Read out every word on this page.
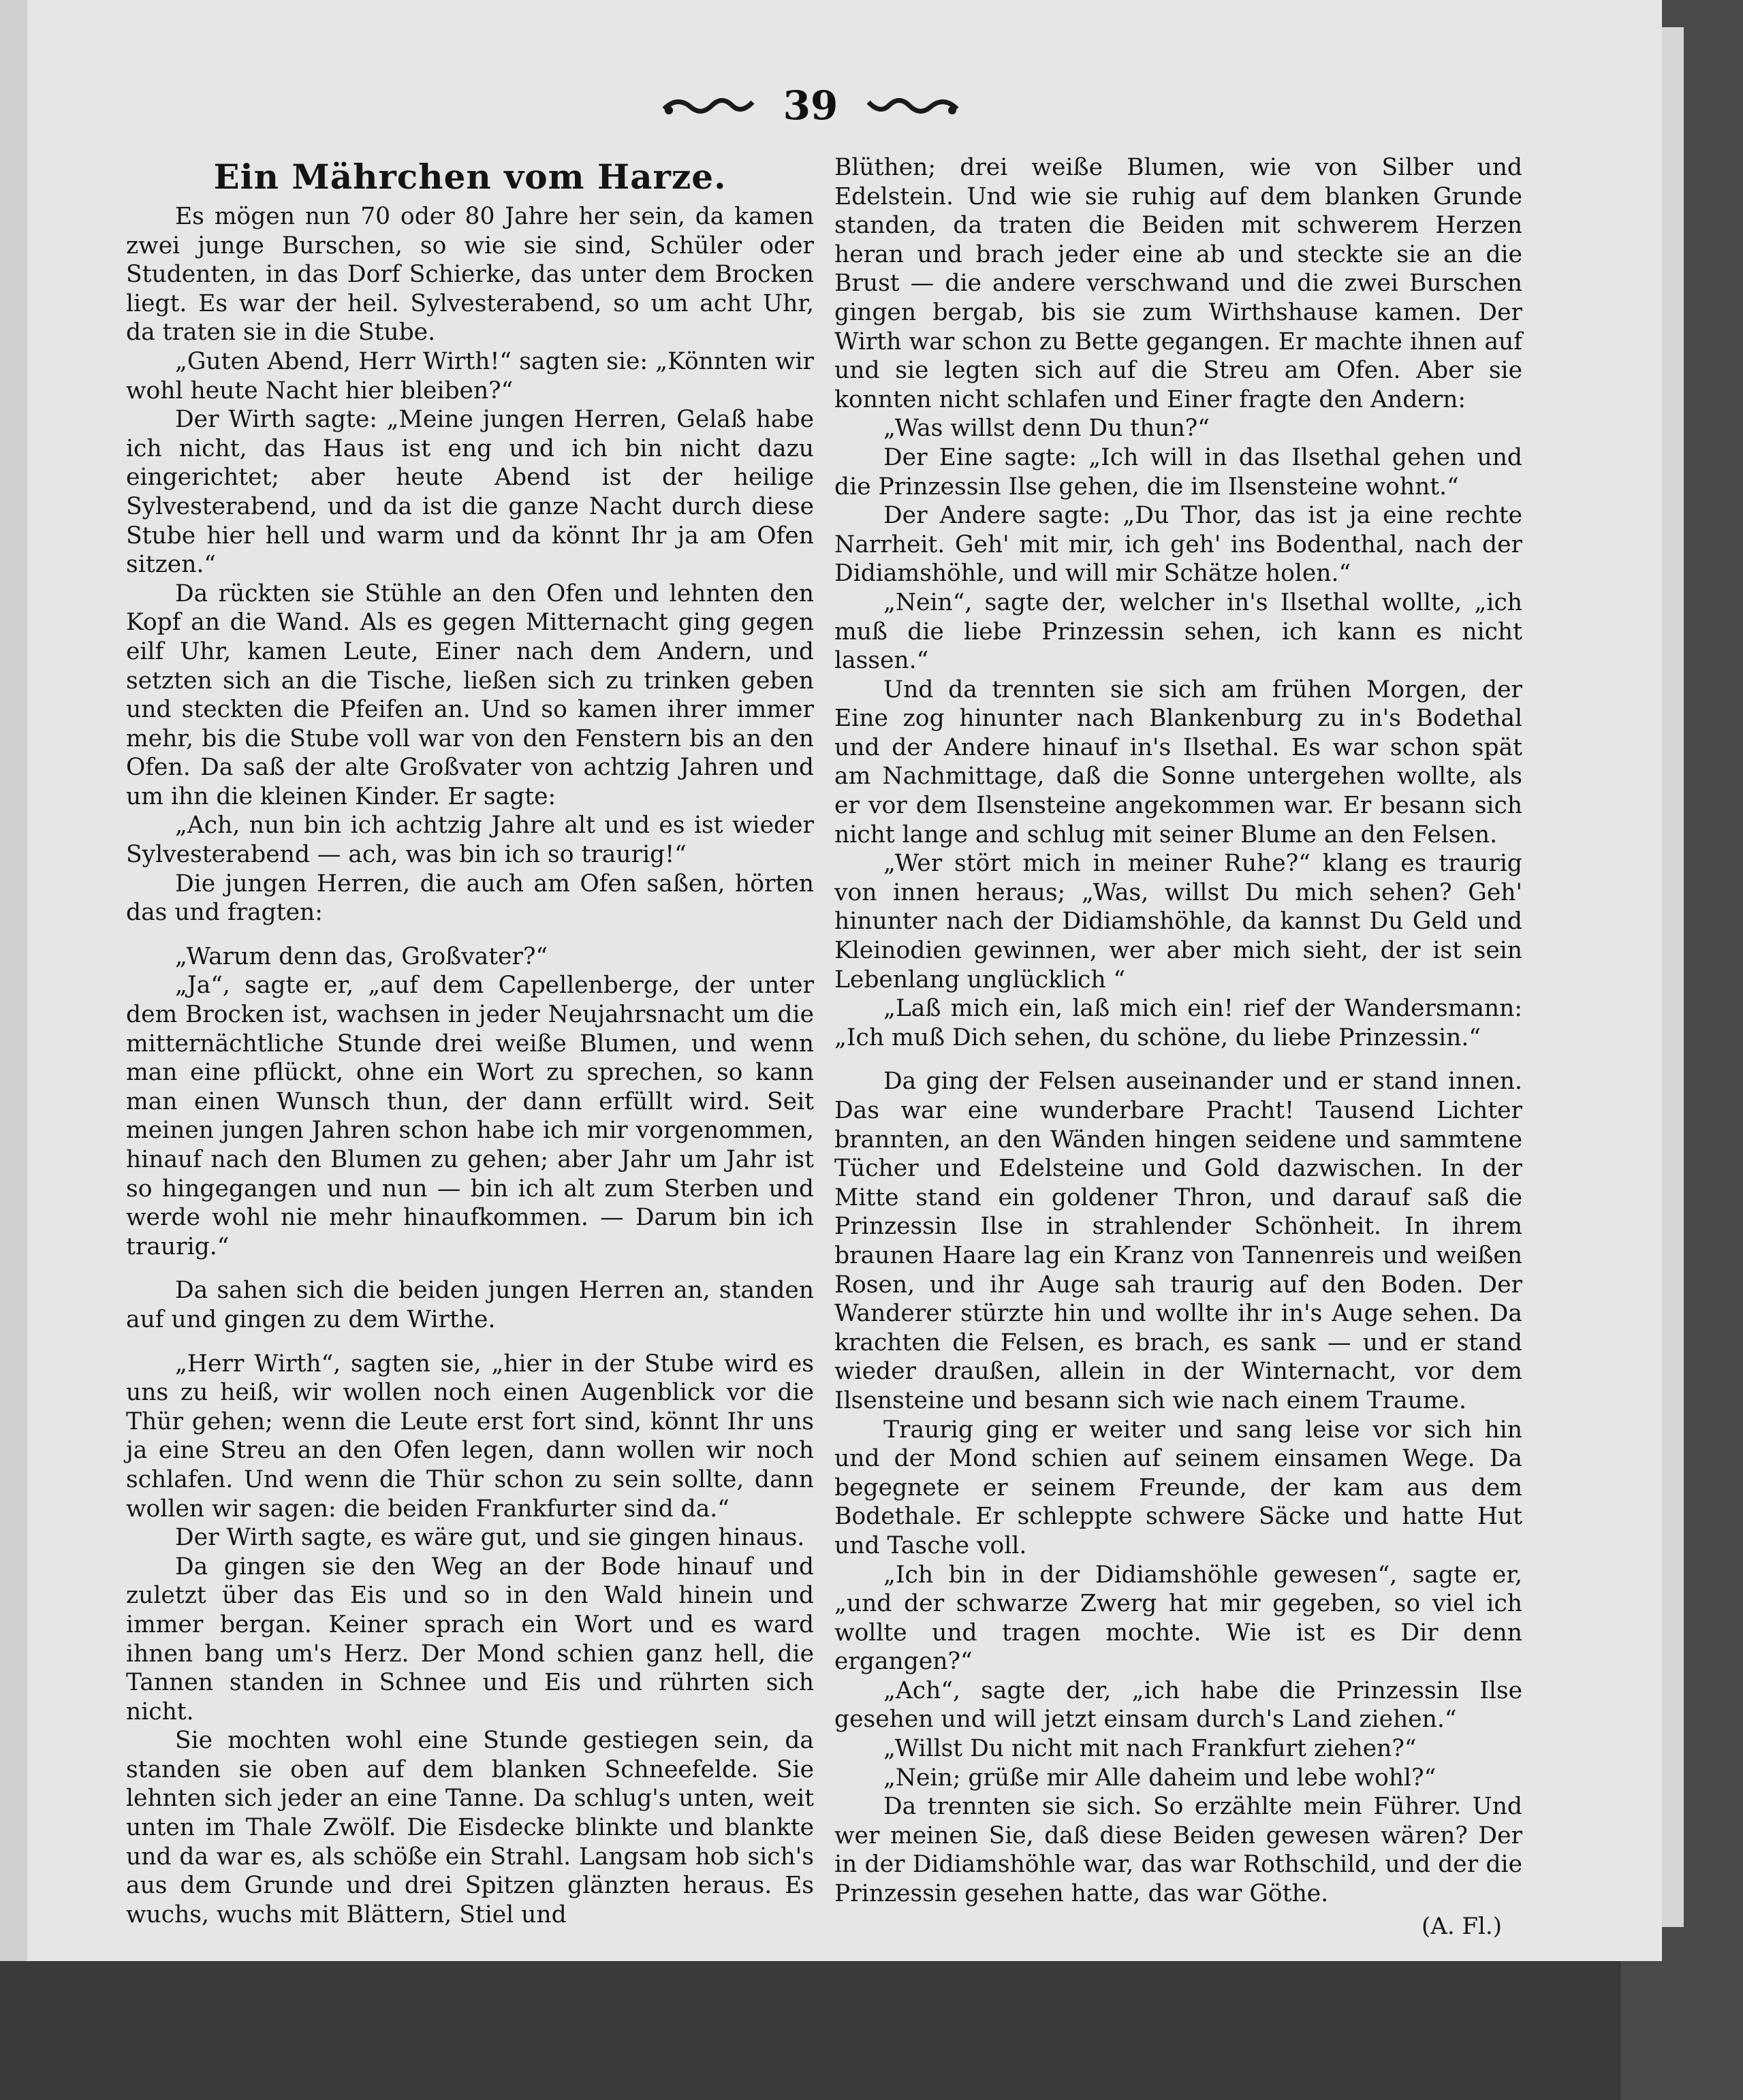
39
Ein Mährchen vom Harze.

Es mögen nun 70 oder 80 Jahre her sein, da kamen zwei junge Burschen, so wie sie sind, Schüler oder Studenten, in das Dorf Schierke, das unter dem Brocken liegt. Es war der heil. Sylvesterabend, so um acht Uhr, da traten sie in die Stube.

„Guten Abend, Herr Wirth!“ sagten sie: „Könnten wir wohl heute Nacht hier bleiben?“

Der Wirth sagte: „Meine jungen Herren, Gelaß habe ich nicht, das Haus ist eng und ich bin nicht dazu eingerichtet; aber heute Abend ist der heilige Sylvesterabend, und da ist die ganze Nacht durch diese Stube hier hell und warm und da könnt Ihr ja am Ofen sitzen.“

Da rückten sie Stühle an den Ofen und lehnten den Kopf an die Wand. Als es gegen Mitternacht ging gegen eilf Uhr, kamen Leute, Einer nach dem Andern, und setzten sich an die Tische, ließen sich zu trinken geben und steckten die Pfeifen an. Und so kamen ihrer immer mehr, bis die Stube voll war von den Fenstern bis an den Ofen. Da saß der alte Großvater von achtzig Jahren und um ihn die kleinen Kinder. Er sagte:

„Ach, nun bin ich achtzig Jahre alt und es ist wieder Sylvesterabend — ach, was bin ich so traurig!“

Die jungen Herren, die auch am Ofen saßen, hörten das und fragten:

„Warum denn das, Großvater?“

„Ja“, sagte er, „auf dem Capellenberge, der unter dem Brocken ist, wachsen in jeder Neujahrsnacht um die mitternächtliche Stunde drei weiße Blumen, und wenn man eine pflückt, ohne ein Wort zu sprechen, so kann man einen Wunsch thun, der dann erfüllt wird. Seit meinen jungen Jahren schon habe ich mir vorgenommen, hinauf nach den Blumen zu gehen; aber Jahr um Jahr ist so hingegangen und nun — bin ich alt zum Sterben und werde wohl nie mehr hinaufkommen. — Darum bin ich traurig.“

Da sahen sich die beiden jungen Herren an, standen auf und gingen zu dem Wirthe.

„Herr Wirth“, sagten sie, „hier in der Stube wird es uns zu heiß, wir wollen noch einen Augenblick vor die Thür gehen; wenn die Leute erst fort sind, könnt Ihr uns ja eine Streu an den Ofen legen, dann wollen wir noch schlafen. Und wenn die Thür schon zu sein sollte, dann wollen wir sagen: die beiden Frankfurter sind da.“

Der Wirth sagte, es wäre gut, und sie gingen hinaus.

Da gingen sie den Weg an der Bode hinauf und zuletzt über das Eis und so in den Wald hinein und immer bergan. Keiner sprach ein Wort und es ward ihnen bang um's Herz. Der Mond schien ganz hell, die Tannen standen in Schnee und Eis und rührten sich nicht.

Sie mochten wohl eine Stunde gestiegen sein, da standen sie oben auf dem blanken Schneefelde. Sie lehnten sich jeder an eine Tanne. Da schlug's unten, weit unten im Thale Zwölf. Die Eisdecke blinkte und blankte und da war es, als schöße ein Strahl. Langsam hob sich's aus dem Grunde und drei Spitzen glänzten heraus. Es wuchs, wuchs mit Blättern, Stiel und

Blüthen; drei weiße Blumen, wie von Silber und Edelstein. Und wie sie ruhig auf dem blanken Grunde standen, da traten die Beiden mit schwerem Herzen heran und brach jeder eine ab und steckte sie an die Brust — die andere verschwand und die zwei Burschen gingen bergab, bis sie zum Wirthshause kamen. Der Wirth war schon zu Bette gegangen. Er machte ihnen auf und sie legten sich auf die Streu am Ofen. Aber sie konnten nicht schlafen und Einer fragte den Andern:

„Was willst denn Du thun?“

Der Eine sagte: „Ich will in das Ilsethal gehen und die Prinzessin Ilse gehen, die im Ilsensteine wohnt.“

Der Andere sagte: „Du Thor, das ist ja eine rechte Narrheit. Geh' mit mir, ich geh' ins Bodenthal, nach der Didiamshöhle, und will mir Schätze holen.“

„Nein“, sagte der, welcher in's Ilsethal wollte, „ich muß die liebe Prinzessin sehen, ich kann es nicht lassen.“

Und da trennten sie sich am frühen Morgen, der Eine zog hinunter nach Blankenburg zu in's Bodethal und der Andere hinauf in's Ilsethal. Es war schon spät am Nachmittage, daß die Sonne untergehen wollte, als er vor dem Ilsensteine angekommen war. Er besann sich nicht lange and schlug mit seiner Blume an den Felsen.

„Wer stört mich in meiner Ruhe?“ klang es traurig von innen heraus; „Was, willst Du mich sehen? Geh' hinunter nach der Didiamshöhle, da kannst Du Geld und Kleinodien gewinnen, wer aber mich sieht, der ist sein Lebenlang unglücklich “

„Laß mich ein, laß mich ein! rief der Wandersmann: „Ich muß Dich sehen, du schöne, du liebe Prinzessin.“

Da ging der Felsen auseinander und er stand innen. Das war eine wunderbare Pracht! Tausend Lichter brannten, an den Wänden hingen seidene und sammtene Tücher und Edelsteine und Gold dazwischen. In der Mitte stand ein goldener Thron, und darauf saß die Prinzessin Ilse in strahlender Schönheit. In ihrem braunen Haare lag ein Kranz von Tannenreis und weißen Rosen, und ihr Auge sah traurig auf den Boden. Der Wanderer stürzte hin und wollte ihr in's Auge sehen. Da krachten die Felsen, es brach, es sank — und er stand wieder draußen, allein in der Winternacht, vor dem Ilsensteine und besann sich wie nach einem Traume.

Traurig ging er weiter und sang leise vor sich hin und der Mond schien auf seinem einsamen Wege. Da begegnete er seinem Freunde, der kam aus dem Bodethale. Er schleppte schwere Säcke und hatte Hut und Tasche voll.

„Ich bin in der Didiamshöhle gewesen“, sagte er, „und der schwarze Zwerg hat mir gegeben, so viel ich wollte und tragen mochte. Wie ist es Dir denn ergangen?“

„Ach“, sagte der, „ich habe die Prinzessin Ilse gesehen und will jetzt einsam durch's Land ziehen.“

„Willst Du nicht mit nach Frankfurt ziehen?“

„Nein; grüße mir Alle daheim und lebe wohl?“

Da trennten sie sich. So erzählte mein Führer. Und wer meinen Sie, daß diese Beiden gewesen wären? Der in der Didiamshöhle war, das war Rothschild, und der die Prinzessin gesehen hatte, das war Göthe.

(A. Fl.)
